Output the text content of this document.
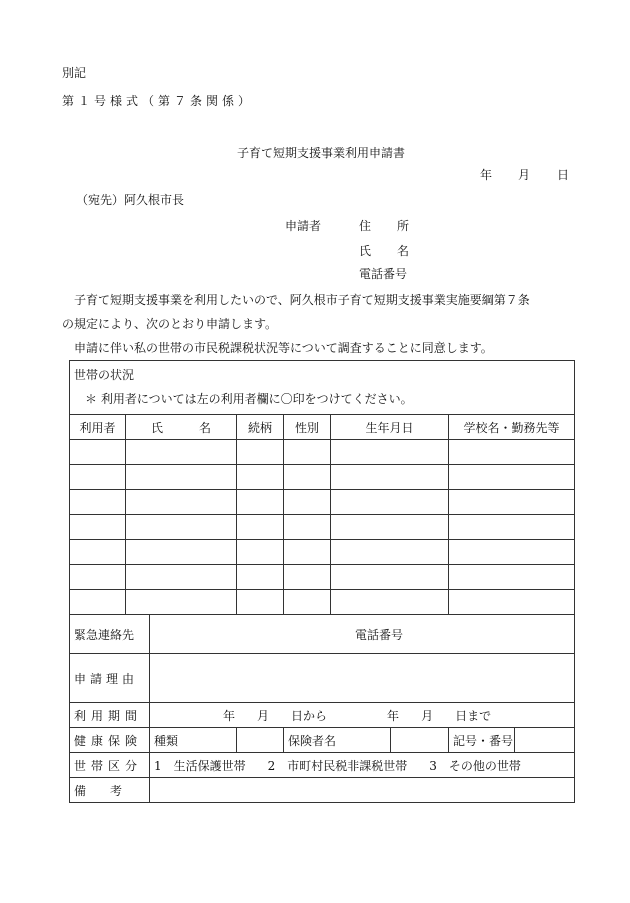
別記
第１号様式（第７条関係）
子育て短期支援事業利用申請書
年 月 日
（宛先）阿久根市長
申請者	住　所
氏　名
電話番号
子育て短期支援事業を利用したいので、阿久根市子育て短期支援事業実施要綱第７条
の規定により、次のとおり申請します。
申請に伴い私の世帯の市民税課税状況等について調査することに同意します。
世帯の状況
＊ 利用者については左の利用者欄に〇印をつけてください。								

利用者	氏　　　名		続柄	性別	生年月日		学校名・勤務先等	

緊急連絡先		電話番号						
申請理由								
利用期間		年 月 日から 年 月 日まで						
健康保険		種類		保険者名			記号・番号	
世帯区分		1　生活保護世帯 2　市町村民税非課税世帯 3　その他の世帯						
備　　考								
